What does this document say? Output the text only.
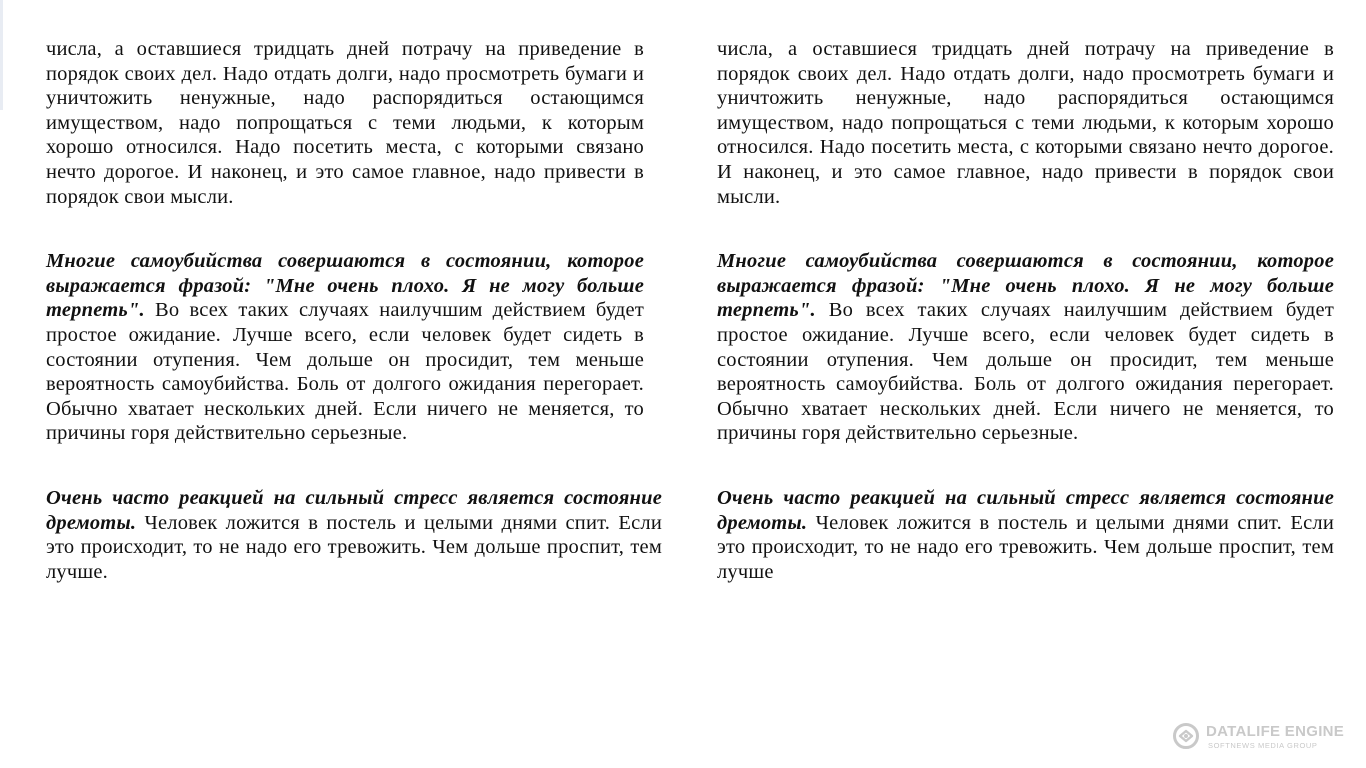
числа, а оставшиеся тридцать дней потрачу на приведение в порядок своих дел. Надо отдать долги, надо просмотреть бумаги и уничтожить ненужные, надо распорядиться остающимся имуществом, надо попрощаться с теми людьми, к которым хорошо относился. Надо посетить места, с которыми связано нечто дорогое. И наконец, и это самое главное, надо привести в порядок свои мысли.

Многие самоубийства совершаются в состоянии, которое выражается фразой: "Мне очень плохо. Я не могу больше терпеть". Во всех таких случаях наилучшим действием будет простое ожидание. Лучше всего, если человек будет сидеть в состоянии отупения. Чем дольше он просидит, тем меньше вероятность самоубийства. Боль от долгого ожидания перегорает. Обычно хватает нескольких дней. Если ничего не меняется, то причины горя действительно серьезные.

Очень часто реакцией на сильный стресс является состояние дремоты. Человек ложится в постель и целыми днями спит. Если это происходит, то не надо его тревожить. Чем дольше проспит, тем лучше.

числа, а оставшиеся тридцать дней потрачу на приведение в порядок своих дел. Надо отдать долги, надо просмотреть бумаги и уничтожить ненужные, надо распорядиться остающимся имуществом, надо попрощаться с теми людьми, к которым хорошо относился. Надо посетить места, с которыми связано нечто дорогое. И наконец, и это самое главное, надо привести в порядок свои мысли.

Многие самоубийства совершаются в состоянии, которое выражается фразой: "Мне очень плохо. Я не могу больше терпеть". Во всех таких случаях наилучшим действием будет простое ожидание. Лучше всего, если человек будет сидеть в состоянии отупения. Чем дольше он просидит, тем меньше вероятность самоубийства. Боль от долгого ожидания перегорает. Обычно хватает нескольких дней. Если ничего не меняется, то причины горя действительно серьезные.

Очень часто реакцией на сильный стресс является состояние дремоты. Человек ложится в постель и целыми днями спит. Если это происходит, то не надо его тревожить. Чем дольше проспит, тем лучше

DATALIFE ENGINE
SOFTNEWS MEDIA GROUP
